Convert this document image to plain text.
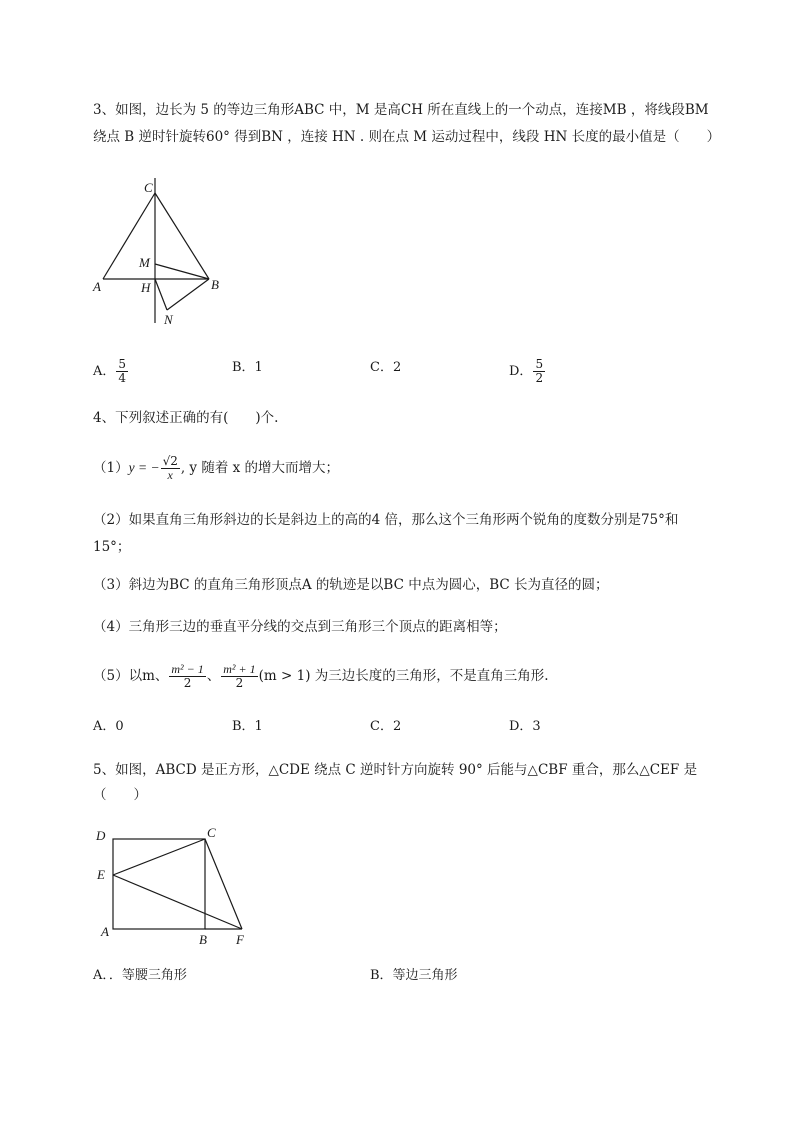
3、如图，边长为 5 的等边三角形ABC 中，M 是高CH 所在直线上的一个动点，连接MB ，将线段BM
绕点 B 逆时针旋转60° 得到BN ，连接 HN . 则在点 M 运动过程中，线段 HN 长度的最小值是（　　）
C
M
A	H	B
N
A． $\frac{5}{4}$	B．1	C．2	D． $\frac{5}{2}$
4、下列叙述正确的有(　　)个.
（1）y = − $\frac{√2}{x}$ , y 随着 x 的增大而增大；
（2）如果直角三角形斜边的长是斜边上的高的4 倍，那么这个三角形两个锐角的度数分别是75°和
15°；
（3）斜边为BC 的直角三角形顶点A 的轨迹是以BC 中点为圆心，BC 长为直径的圆；
（4）三角形三边的垂直平分线的交点到三角形三个顶点的距离相等；
（5）以m、 $\frac{\text{m² − 1}}{2}$ 、 $\frac{\text{m² + 1}}{2} (m > 1)$ 为三边长度的三角形，不是直角三角形.
A．0	B．1	C．2	D．3
5、如图，ABCD 是正方形，△CDE 绕点 C 逆时针方向旋转 90° 后能与△CBF 重合，那么△CEF 是
（　　）
D	C
E
A
B F
A．．等腰三角形	B．等边三角形
